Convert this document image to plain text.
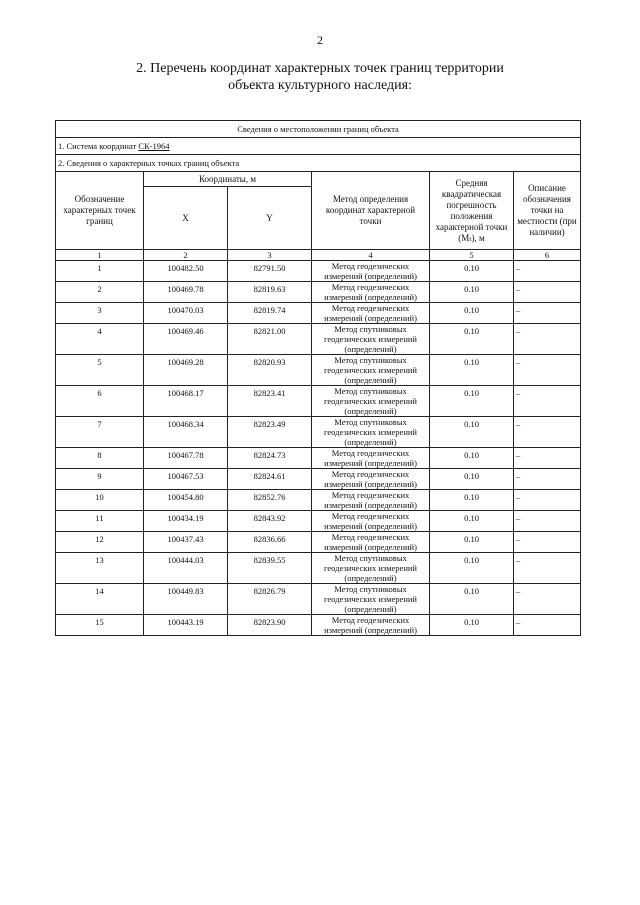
2
2. Перечень координат характерных точек границ территории
объекта культурного наследия:
Сведения о местоположении границ объекта					
1. Система координат СК-1964					
2. Сведения о характерных точках границ объекта					
Обозначение характерных точек границ	Координаты, м		Метод определения координат характерной точки	Средняя квадратическая погрешность положения характерной точки (Mₜ), м	Описание обозначения точки на местности (при наличии)
	X	Y			
1	2	3	4	5	6
1	100482.50	82791.50	Метод геодезических измерений (определений)	0.10	–
2	100469.78	82819.63	Метод геодезических измерений (определений)	0.10	–
3	100470.03	82819.74	Метод геодезических измерений (определений)	0.10	–
4	100469.46	82821.00	Метод спутниковых геодезических измерений (определений)	0.10	–
5	100469.28	82820.93	Метод спутниковых геодезических измерений (определений)	0.10	–
6	100468.17	82823.41	Метод спутниковых геодезических измерений (определений)	0.10	–
7	100468.34	82823.49	Метод спутниковых геодезических измерений (определений)	0.10	–
8	100467.78	82824.73	Метод геодезических измерений (определений)	0.10	–
9	100467.53	82824.61	Метод геодезических измерений (определений)	0.10	–
10	100454.80	82852.76	Метод геодезических измерений (определений)	0.10	–
11	100434.19	82843.92	Метод геодезических измерений (определений)	0.10	–
12	100437.43	82836.66	Метод геодезических измерений (определений)	0.10	–
13	100444.03	82839.55	Метод спутниковых геодезических измерений (определений)	0.10	–
14	100449.83	82826.79	Метод спутниковых геодезических измерений (определений)	0.10	–
15	100443.19	82823.90	Метод геодезических измерений (определений)	0.10	–
